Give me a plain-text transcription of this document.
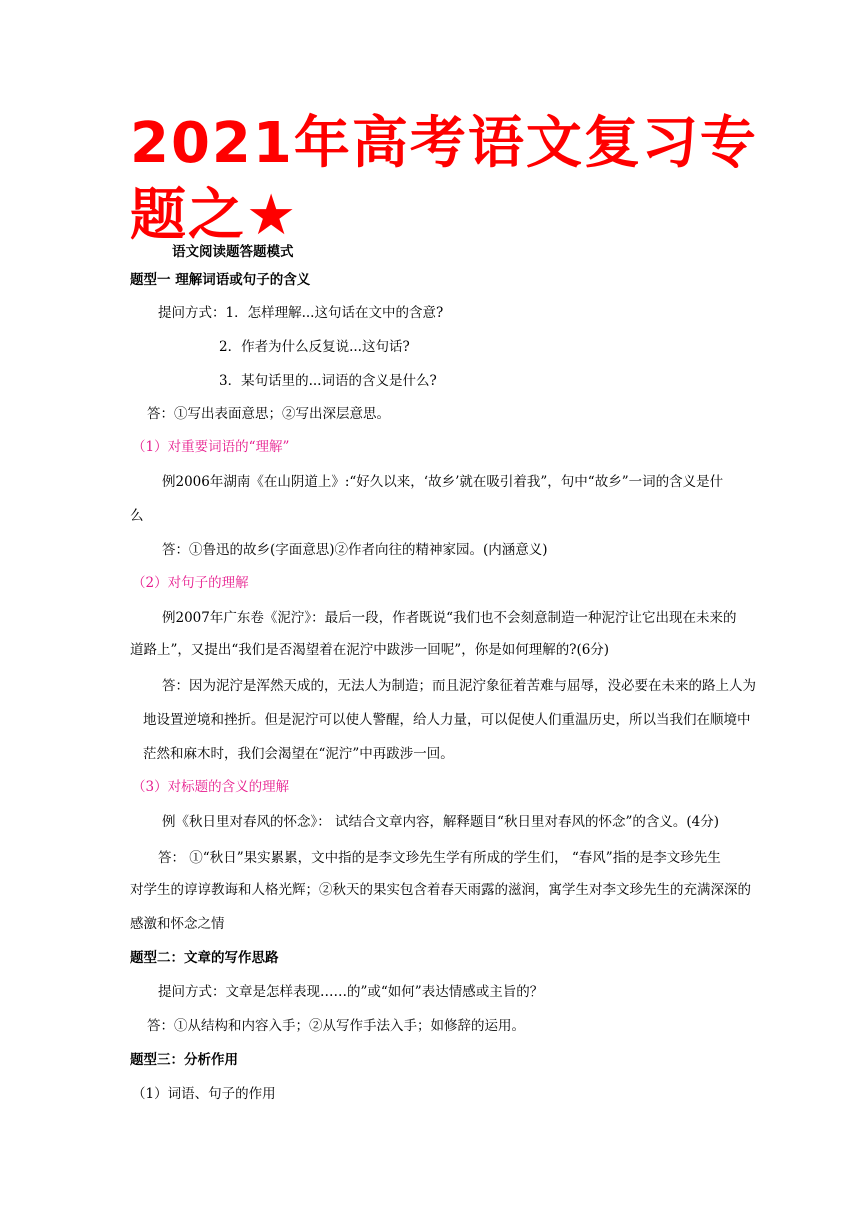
2021年高考语文复习专题之★
语文阅读题答题模式
题型一 理解词语或句子的含义
提问方式：1．怎样理解...这句话在文中的含意?
2．作者为什么反复说...这句话?
3．某句话里的...词语的含义是什么?
答：①写出表面意思；②写出深层意思。
（1）对重要词语的“理解”
例2006年湖南《在山阴道上》:“好久以来，‘故乡’就在吸引着我”，句中“故乡”一词的含义是什
么
答：①鲁迅的故乡(字面意思)②作者向往的精神家园。(内涵意义)
（2）对句子的理解
例2007年广东卷《泥泞》：最后一段，作者既说“我们也不会刻意制造一种泥泞让它出现在未来的
道路上”，又提出“我们是否渴望着在泥泞中跋涉一回呢”，你是如何理解的?(6分)
答：因为泥泞是浑然天成的，无法人为制造；而且泥泞象征着苦难与屈辱，没必要在未来的路上人为
地设置逆境和挫折。但是泥泞可以使人警醒，给人力量，可以促使人们重温历史，所以当我们在顺境中
茫然和麻木时，我们会渴望在“泥泞”中再跋涉一回。
（3）对标题的含义的理解
例《秋日里对春风的怀念》： 试结合文章内容，解释题目“秋日里对春风的怀念”的含义。(4分)
答： ①“秋日”果实累累，文中指的是李文珍先生学有所成的学生们， “春风”指的是李文珍先生
对学生的谆谆教诲和人格光辉；②秋天的果实包含着春天雨露的滋润，寓学生对李文珍先生的充满深深的
感激和怀念之情
题型二：文章的写作思路
提问方式：文章是怎样表现……的”或“如何”表达情感或主旨的？
答：①从结构和内容入手；②从写作手法入手；如修辞的运用。
题型三：分析作用
（1）词语、句子的作用
